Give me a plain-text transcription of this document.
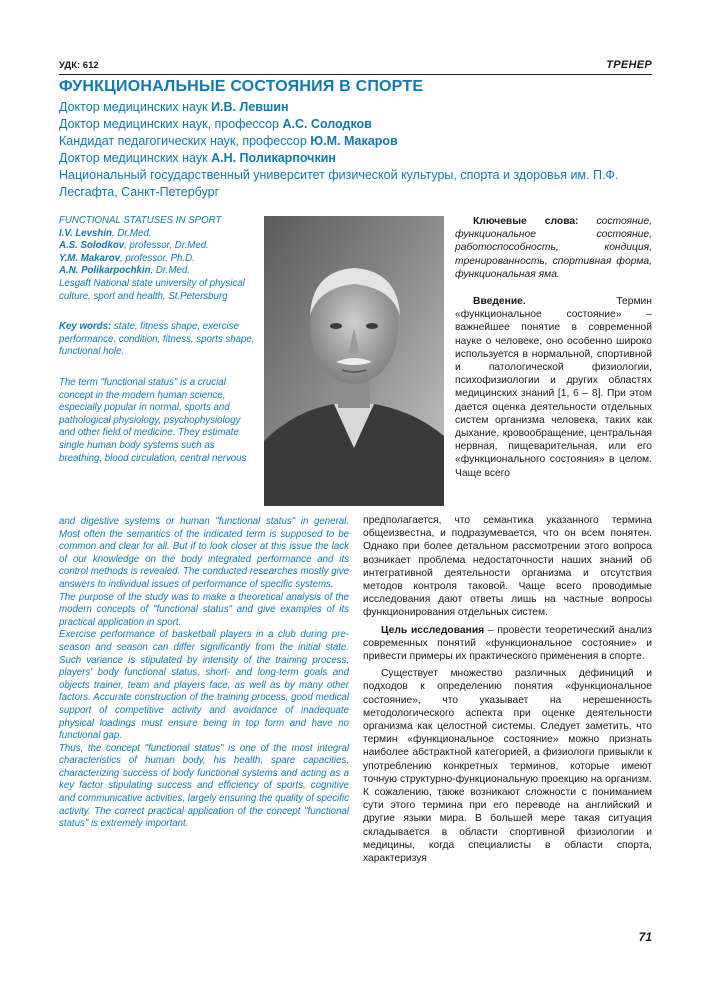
УДК: 612	ТРЕНЕР
ФУНКЦИОНАЛЬНЫЕ СОСТОЯНИЯ В СПОРТЕ
Доктор медицинских наук И.В. Левшин
Доктор медицинских наук, профессор А.С. Солодков
Кандидат педагогических наук, профессор Ю.М. Макаров
Доктор медицинских наук А.Н. Поликарпочкин
Национальный государственный университет физической культуры, спорта и здоровья им. П.Ф. Лесгафта, Санкт-Петербург

FUNCTIONAL STATUSES IN SPORT

I.V. Levshin, Dr.Med.

A.S. Solodkov, professor, Dr.Med.

Y.M. Makarov, professor, Ph.D.

A.N. Polikarpochkin, Dr.Med.

Lesgaft National state university of physical culture, sport and health, St.Petersburg

Key words: state, fitness shape, exercise performance, condition, fitness, sports shape, functional hole.

The term "functional status" is a crucial concept in the modern human science, especially popular in normal, sports and pathological physiology, psychophysiology and other field of medicine. They estimate single human body systems such as breathing, blood circulation, central nervous

Ключевые слова: состояние, функциональное состояние, работоспособность, кондиция, тренированность, спортивная форма, функциональная яма.

Введение. Термин «функциональное состояние» – важнейшее понятие в современной науке о человеке, оно особенно широко используется в нормальной, спортивной и патологической физиологии, психофизиологии и других областях медицинских знаний [1, 6 – 8]. При этом дается оценка деятельности отдельных систем организма человека, таких как дыхание, кровообращение, центральная нервная, пищеварительная, или его «функционального состояния» в целом. Чаще всего

and digestive systems or human "functional status" in general. Most often the semantics of the indicated term is supposed to be common and clear for all. But if to look closer at this issue the lack of our knowledge on the body integrated performance and its control methods is revealed. The conducted researches mostly give answers to individual issues of performance of specific systems.

The purpose of the study was to make a theoretical analysis of the modern concepts of "functional status" and give examples of its practical application in sport.

Exercise performance of basketball players in a club during pre-season and season can differ significantly from the initial state. Such variance is stipulated by intensity of the training process, players' body functional status, short- and long-term goals and objects trainer, team and players face, as well as by many other factors. Accurate construction of the training process, good medical support of competitive activity and avoidance of inadequate physical loadings must ensure being in top form and have no functional gap.

Thus, the concept "functional status" is one of the most integral characteristics of human body, his health, spare capacities, characterizing success of body functional systems and acting as a key factor stipulating success and efficiency of sports, cognitive and communicative activities, largely ensuring the quality of specific activity. The correct practical application of the concept "functional status" is extremely important.

предполагается, что семантика указанного термина общеизвестна, и подразумевается, что он всем понятен. Однако при более детальном рассмотрении этого вопроса возникает проблема недостаточности наших знаний об интегративной деятельности организма и отсутствия методов контроля таковой. Чаще всего проводимые исследования дают ответы лишь на частные вопросы функционирования отдельных систем.

Цель исследования – провести теоретический анализ современных понятий «функциональное состояние» и привести примеры их практического применения в спорте.

Существует множество различных дефиниций и подходов к определению понятия «функциональное состояние», что указывает на нерешенность методологического аспекта при оценке деятельности организма как целостной системы. Следует заметить, что термин «функциональное состояние» можно признать наиболее абстрактной категорией, а физиологи привыкли к употреблению конкретных терминов, которые имеют точную структурно-функциональную проекцию на организм. К сожалению, также возникают сложности с пониманием сути этого термина при его переводе на английский и другие языки мира. В большей мере такая ситуация складывается в области спортивной физиологии и медицины, когда специалисты в области спорта, характеризуя

71
